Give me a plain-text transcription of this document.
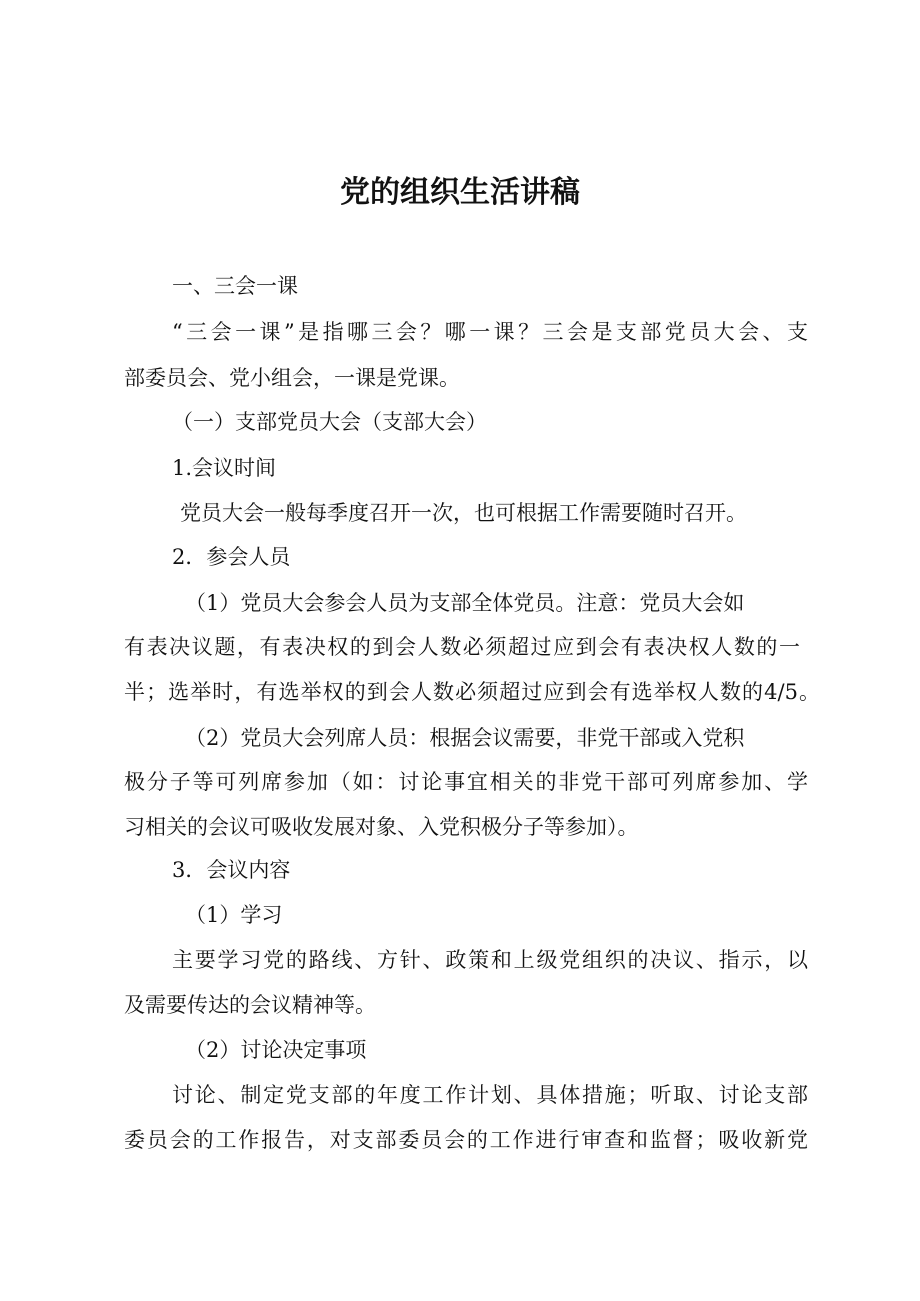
党的组织生活讲稿
一、三会一课
“三会一课”是指哪三会？哪一课？三会是支部党员大会、支
部委员会、党小组会，一课是党课。
（一）支部党员大会（支部大会）
1.会议时间
党员大会一般每季度召开一次，也可根据工作需要随时召开。
2．参会人员
（1）党员大会参会人员为支部全体党员。注意：党员大会如
有表决议题，有表决权的到会人数必须超过应到会有表决权人数的一
半；选举时，有选举权的到会人数必须超过应到会有选举权人数的4/5。
（2）党员大会列席人员：根据会议需要，非党干部或入党积
极分子等可列席参加（如：讨论事宜相关的非党干部可列席参加、学
习相关的会议可吸收发展对象、入党积极分子等参加）。
3．会议内容
（1）学习
主要学习党的路线、方针、政策和上级党组织的决议、指示，以
及需要传达的会议精神等。
（2）讨论决定事项
讨论、制定党支部的年度工作计划、具体措施；听取、讨论支部
委员会的工作报告，对支部委员会的工作进行审查和监督；吸收新党
